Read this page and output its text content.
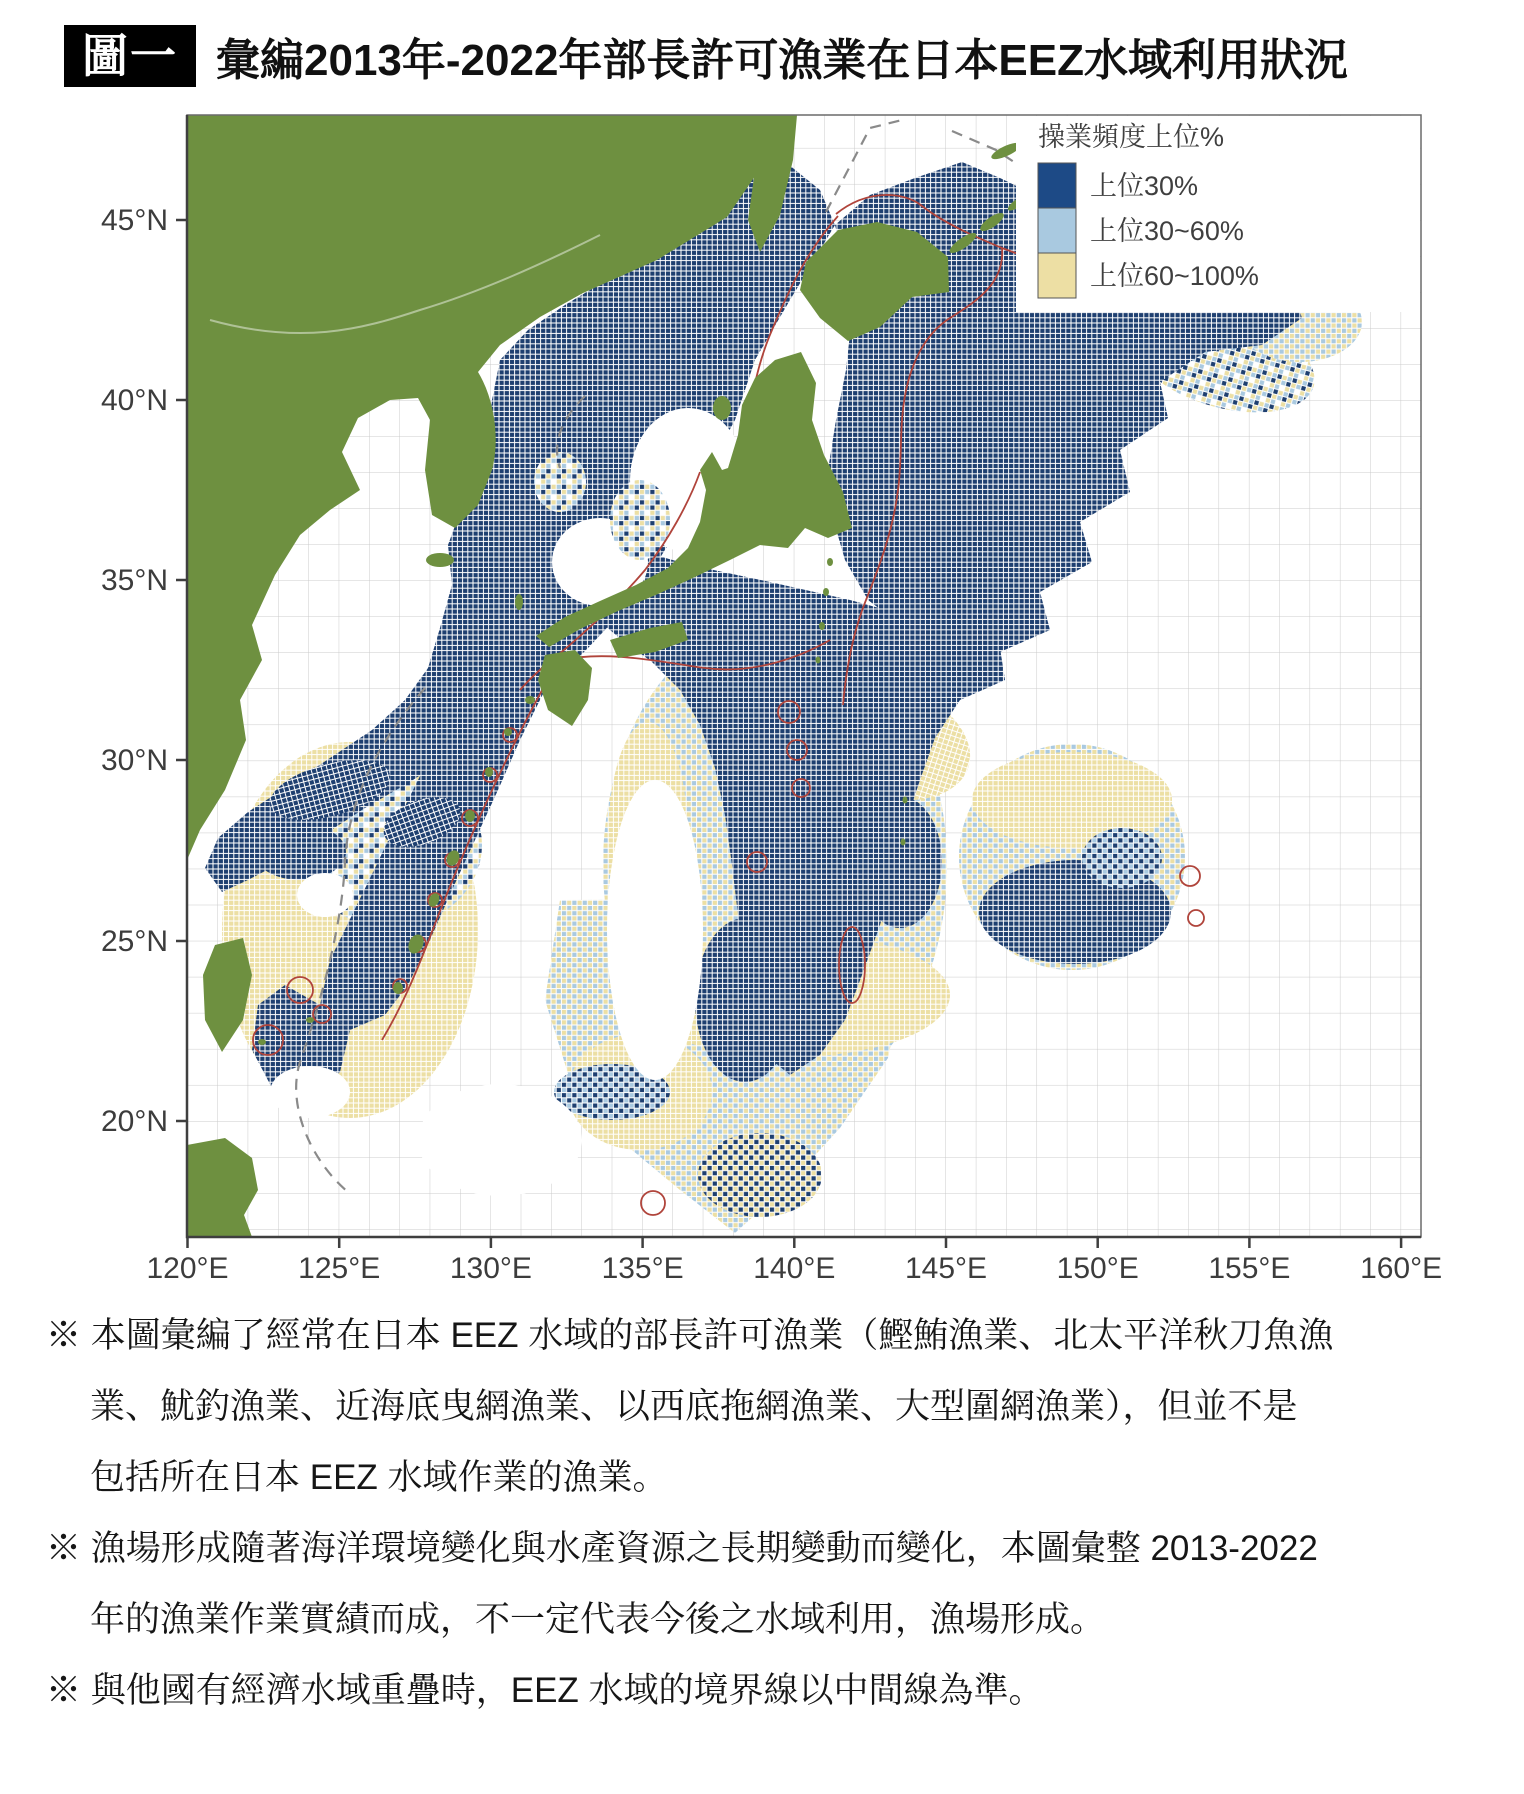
120°E 125°E 130°E 135°E 140°E 145°E 150°E 155°E 160°E
45°N
40°N
35°N
30°N
25°N
20°N
操業頻度上位%
上位30%
上位30~60%
上位60~100%
圖一 彙編2013年-2022年部長許可漁業在日本EEZ水域利用狀況
※ 本圖彙編了經常在日本 EEZ 水域的部長許可漁業（鰹鮪漁業、北太平洋秋刀魚漁
業、魷釣漁業、近海底曳網漁業、以西底拖網漁業、大型圍網漁業），但並不是
包括所在日本 EEZ 水域作業的漁業。
※ 漁場形成隨著海洋環境變化與水產資源之長期變動而變化，本圖彙整 2013-2022
年的漁業作業實績而成，不一定代表今後之水域利用，漁場形成。
※ 與他國有經濟水域重疊時，EEZ 水域的境界線以中間線為準。
